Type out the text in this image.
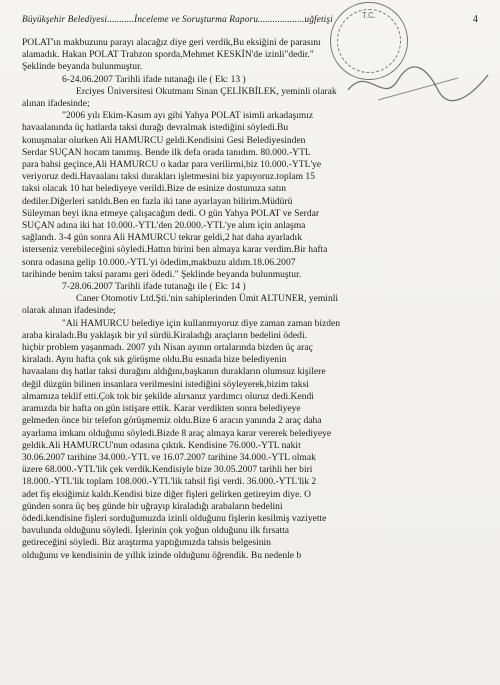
Büyükşehir Belediyesi...........İnceleme ve Soruşturma Raporu...................uğfetişi	4
T.C.
POLAT'ın makbuzunu parayı alacağız diye geri verdik,Bu eksiğini de parasını
alamadık. Hakan POLAT Trabzon sporda,Mehmet KESKİN'de izinli"dedir."
Şeklinde beyanda bulunmuştur.
6-24.06.2007 Tarihli ifade tutanağı ile ( Ek: 13 )
Erciyes Üniversitesi Okutmanı Sinan ÇELİKBİLEK, yeminli olarak
alınan ifadesinde;
"2006 yılı Ekim-Kasım ayı gibi Yahya POLAT isimli arkadaşımız
havaalanında üç hatlarda taksi durağı devralmak istediğini söyledi.Bu
konuşmalar olurken Ali HAMURCU geldi.Kendisini Gesi Belediyesinden
Serdar SUÇAN hocam tanımış. Bende ilk defa orada tanıdım. 80.000.-YTL
para bahsi geçince,Ali HAMURCU o kadar para verilirmi,biz 10.000.-YTL'ye
veriyoruz dedi.Havaalanı taksi durakları işletmesini biz yapıyoruz.toplam 15
taksi olacak 10 hat belediyeye verildi.Bize de esinize dostunuza satın
dediler.Diğerleri satıldı.Ben en fazla iki tane ayarlayan bilirim.Müdürü
Süleyman beyi ikna etmeye çalışacağım dedi. O gün Yahya POLAT ve Serdar
SUÇAN adına iki hat 10.000.-YTL'den 20.000.-YTL'ye alım için anlaşma
sağlandı. 3-4 gün sonra Ali HAMURCU tekrar geldi,2 hat daha ayarladık
isterseniz verebileceğini söyledi.Hattın birini ben almaya karar verdim.Bir hafta
sonra odasına gelip 10.000.-YTL'yi ödedim,makbuzu aldım.18.06.2007
tarihinde benim taksi paramı geri ödedi." Şeklinde beyanda bulunmuştur.
7-28.06.2007 Tarihli ifade tutanağı ile ( Ek: 14 )
Caner Otomotiv Ltd.Şti.'nin sahiplerinden Ümit ALTUNER, yeminli
olarak alınan ifadesinde;
"Ali HAMURCU belediye için kullanmıyoruz diye zaman zaman bizden
araba kiraladı.Bu yaklaşık bir yıl sürdü.Kiraladığı araçların bedelini ödedi.
hiçbir problem yaşanmadı. 2007 yılı Nisan ayının ortalarında bizden üç araç
kiraladı. Aynı hafta çok sık görüşme oldu.Bu esnada bize belediyenin
havaalanı dış hatlar taksi durağını aldığını,başkanın durakların olumsuz kişilere
değil düzgün bilinen insanlara verilmesini istediğini söyleyerek,bizim taksi
almamıza teklif etti.Çok tok bir şekilde alırsanız yardımcı oluruz dedi.Kendi
aramızda bir hafta on gün istişare ettik. Karar verdikten sonra belediyeye
gelmeden önce bir telefon görüşmemiz oldu.Bize 6 aracın yanında 2 araç daha
ayarlama imkanı olduğunu söyledi.Bizde 8 araç almaya karar vererek belediyeye
geldik.Ali HAMURCU'nun odasına çıktık. Kendisine 76.000.-YTL nakit
30.06.2007 tarihine 34.000.-YTL ve 16.07.2007 tarihine 34.000.-YTL olmak
üzere 68.000.-YTL'lik çek verdik.Kendisiyle bize 30.05.2007 tarihli her biri
18.000.-YTL'lik toplam 108.000.-YTL'lik tahsil fişi verdi. 36.000.-YTL'lik 2
adet fiş eksiğimiz kaldı.Kendisi bize diğer fişleri gelirken getireyim diye. O
günden sonra üç beş günde bir uğrayıp kiraladığı arabaların bedelini
ödedi.kendisine fişleri sorduğumuzda izinli olduğunu fişlerin kesilmiş vaziyette
bavulunda olduğunu söyledi. İşlerinin çok yoğun olduğunu ilk fırsatta
getireceğini söyledi. Biz araştırma yaptığımızda tahsis belgesinin
olduğunu ve kendisinin de yıllık izinde olduğunu öğrendik. Bu nedenle b
